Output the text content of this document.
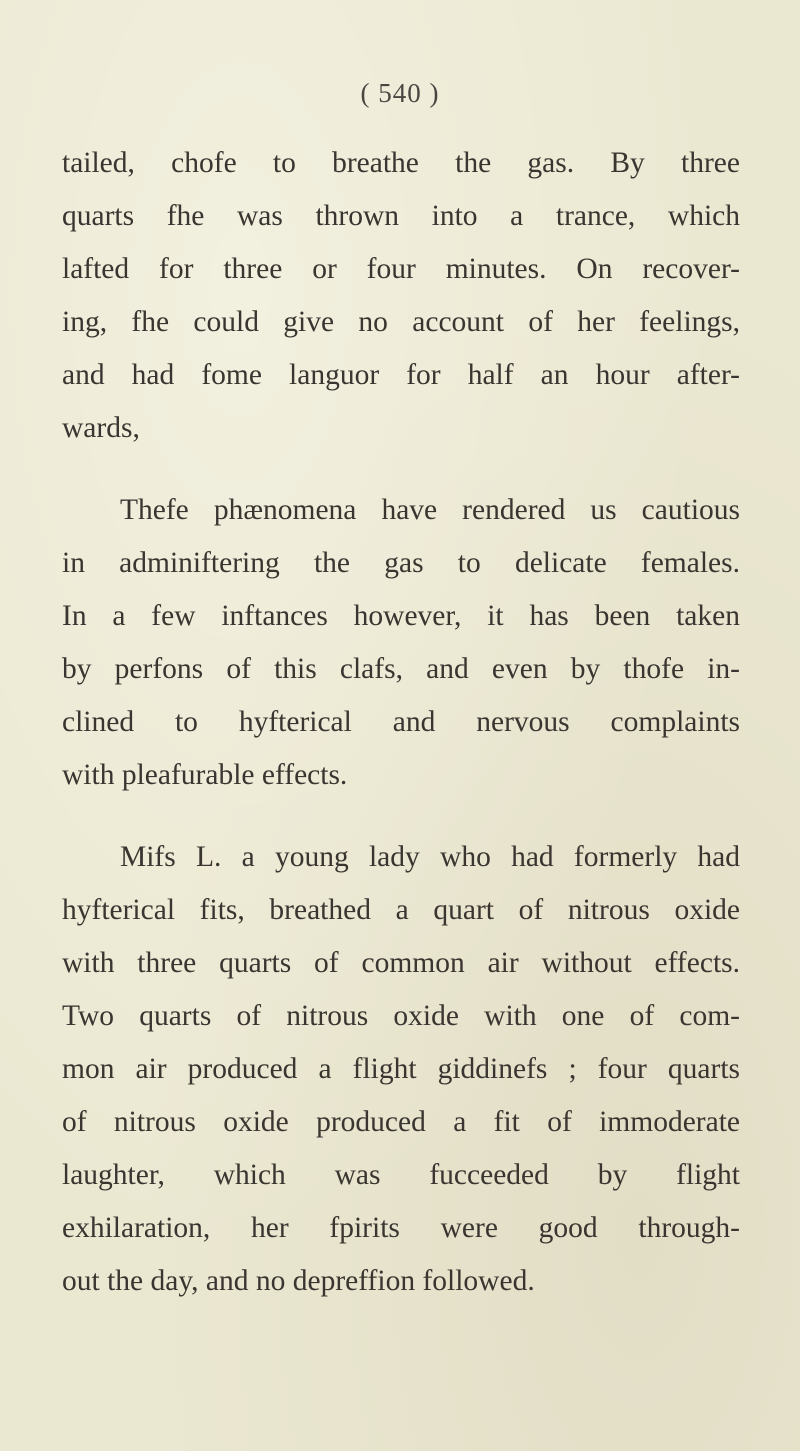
( 540 )

tailed, chofe to breathe the gas. By three
quarts fhe was thrown into a trance, which
lafted for three or four minutes. On recover-
ing, fhe could give no account of her feelings,
and had fome languor for half an hour after-
wards,

Thefe phænomena have rendered us cautious
in adminiftering the gas to delicate females.
In a few inftances however, it has been taken
by perfons of this clafs, and even by thofe in-
clined to hyfterical and nervous complaints
with pleafurable effects.

Mifs L. a young lady who had formerly had
hyfterical fits, breathed a quart of nitrous oxide
with three quarts of common air without effects.
Two quarts of nitrous oxide with one of com-
mon air produced a flight giddinefs ; four quarts
of nitrous oxide produced a fit of immoderate
laughter, which was fucceeded by flight
exhilaration, her fpirits were good through-
out the day, and no depreffion followed.
